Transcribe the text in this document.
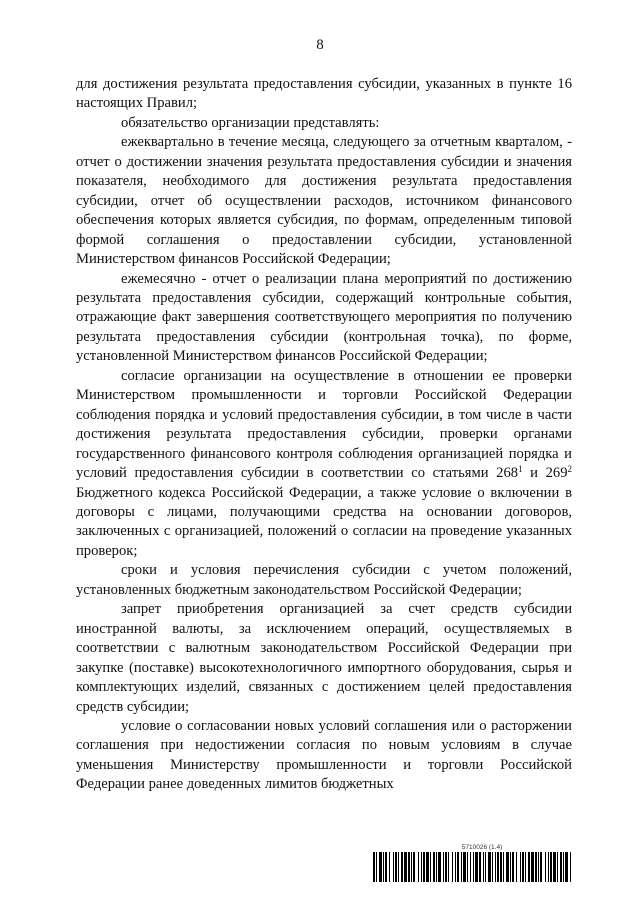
8

для достижения результата предоставления субсидии, указанных в пункте 16 настоящих Правил;

обязательство организации представлять:

ежеквартально в течение месяца, следующего за отчетным кварталом, - отчет о достижении значения результата предоставления субсидии и значения показателя, необходимого для достижения результата предоставления субсидии, отчет об осуществлении расходов, источником финансового обеспечения которых является субсидия, по формам, определенным типовой формой соглашения о предоставлении субсидии, установленной Министерством финансов Российской Федерации;

ежемесячно - отчет о реализации плана мероприятий по достижению результата предоставления субсидии, содержащий контрольные события, отражающие факт завершения соответствующего мероприятия по получению результата предоставления субсидии (контрольная точка), по форме, установленной Министерством финансов Российской Федерации;

согласие организации на осуществление в отношении ее проверки Министерством промышленности и торговли Российской Федерации соблюдения порядка и условий предоставления субсидии, в том числе в части достижения результата предоставления субсидии, проверки органами государственного финансового контроля соблюдения организацией порядка и условий предоставления субсидии в соответствии со статьями $268^1$ и $269^2$ Бюджетного кодекса Российской Федерации, а также условие о включении в договоры с лицами, получающими средства на основании договоров, заключенных с организацией, положений о согласии на проведение указанных проверок;

сроки и условия перечисления субсидии с учетом положений, установленных бюджетным законодательством Российской Федерации;

запрет приобретения организацией за счет средств субсидии иностранной валюты, за исключением операций, осуществляемых в соответствии с валютным законодательством Российской Федерации при закупке (поставке) высокотехнологичного импортного оборудования, сырья и комплектующих изделий, связанных с достижением целей предоставления средств субсидии;

условие о согласовании новых условий соглашения или о расторжении соглашения при недостижении согласия по новым условиям в случае уменьшения Министерству промышленности и торговли Российской Федерации ранее доведенных лимитов бюджетных

5710026 (1.4)
